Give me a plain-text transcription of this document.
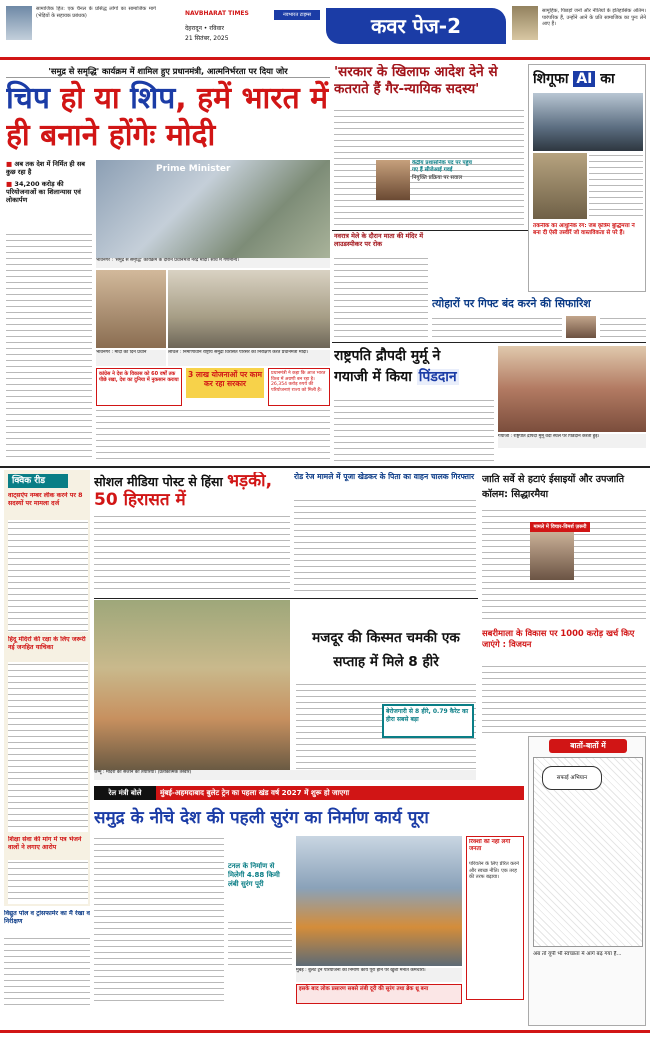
सामाजिक हित: एक चैनल के प्रसिद्ध लोगों का सामाजिक मार्ग (भेड़ियों के सहायक प्रबंधक)	NAVBHARAT TIMES
देहरादून • रविवार
21 सितंबर, 2025
नवभारत टाइम्स	कवर पेज-2
सामूहिक, पिछड़ों जनों और नीतियों के इतिहासिक अंतिम। पारंपरिक हैं, उन्होंने आने के प्रति सामाजिक का पुनः लेने आए हैं।
'समुद्र से समृद्धि' कार्यक्रम में शामिल हुए प्रधानमंत्री, आत्मनिर्भरता पर दिया जोर
चिप हो या शिप, हमें भारत में ही बनाने होंगेः मोदी
■ अब तक देश में निर्मित ही सब कुछ रहा है
■ 34,200 करोड़ की परियोजनाओं का शिलान्यास एवं लोकार्पण
Prime Minister
भावनगर : 'समुद्र से समृद्धि' कार्यक्रम के दौरान प्रधानमंत्री नरेंद्र मोदी। साथ में गणमान्य।
भावनगर : मोदी का दिन प्रधान	लोथल : निर्माणाधीन राष्ट्रीय समुद्री विरासत परिसर का निरीक्षण करते प्रधानमंत्री मोदी।
कांग्रेस ने देश के विकास को 60 वर्षों तक पीछे रखा, देश का दुनिया में नुकसान कराया
3 लाख योजनाओं पर काम कर रहा सरकार
प्रधानमंत्री ने कहा कि आज भारत विश्व में अग्रणी बन रहा है। 26,354 करोड़ रुपये की परियोजनाएं राज्य को मिली हैं।
'सरकार के खिलाफ आदेश देने से कतराते हैं गैर-न्यायिक सदस्य'
केंद्रीय प्रशासनिक पद पर पहुंच गए हैं सीजेआई गवई
नियुक्ति प्रक्रिया पर सवाल
शिगूफा AI का
तकनीक का आधुनिक रंग: जब कृत्रिम बुद्धिमत्ता ने बना दी ऐसी तस्वीरें जो वास्तविकता से परे हैं।
नवरात्र मेले के दौरान माता की मंदिर में लाउडस्पीकर पर रोक
त्योहारों पर गिफ्ट बंद करने की सिफारिश
राष्ट्रपति द्रौपदी मुर्मू ने
गयाजी में किया पिंडदान
गयाजी : राष्ट्रपति द्रौपदी मुर्मू वेदी स्थल पर पिंडदान करती हुईं।
क्विक रीड
वाट्सऐप नम्बर लीक करने पर 8 सदस्यों पर मामला दर्ज
हिंदू मंदिरों की रक्षा के लिए जरूरी नई जनहित याचिका
शिक्षा सेवा की मांग में पत्र भेजने वालों ने लगाए आरोप
सोशल मीडिया पोस्ट से हिंसा भड़की, 50 हिरासत में
रोड रेज मामले में पूजा खेडकर के पिता का वाहन चालक गिरफ्तार जाति सर्वे से हटाएं ईसाइयों और उपजाति कॉलम: सिद्धारमैया
मामले में विचार-विमर्श ज़रूरी
मजदूर की किस्मत चमकी एक सप्ताह में मिले 8 हीरे
बेरोजगारी से 8 हीरे, 0.79 कैरेट का हीरा सबसे बड़ा
जम्मू : मंदिरों को सजाने की तैयारियां। (प्रतीकात्मक तस्वीर)
सबरीमाला के विकास पर 1000 करोड़ खर्च किए जाएंगे : विजयन
बातों-बातों में
सफाई अभियान
अब तो यूपी भी स्वच्छता में आगे बढ़ गया है...
रेल मंत्री बोले	मुंबई-अहमदाबाद बुलेट ट्रेन का पहला खंड वर्ष 2027 में शुरू हो जाएगा
समुद्र के नीचे देश की पहली सुरंग का निर्माण कार्य पूरा
टनल के निर्माण से मिलेगी 4.88 किमी लंबी सुरंग पूरी
रिक्शों की नहीं लगी जनता
परिवर्तन के लिए प्रेरित करने और स्वच्छ नीति। एक तरह की तरफ बढ़ाया।
मुंबई : बुलेट ट्रेन परियोजना का निर्माण कार्य पूरा होने पर खुशी मनाते कर्मचारी।
इसके बाद लोक प्रसारण सबसे लंबी दूरी की सुरंग तथा ब्रेक थ्रू बना
विद्युत पोल व ट्रांसफार्मर का मैं रेखा व निरीक्षण
